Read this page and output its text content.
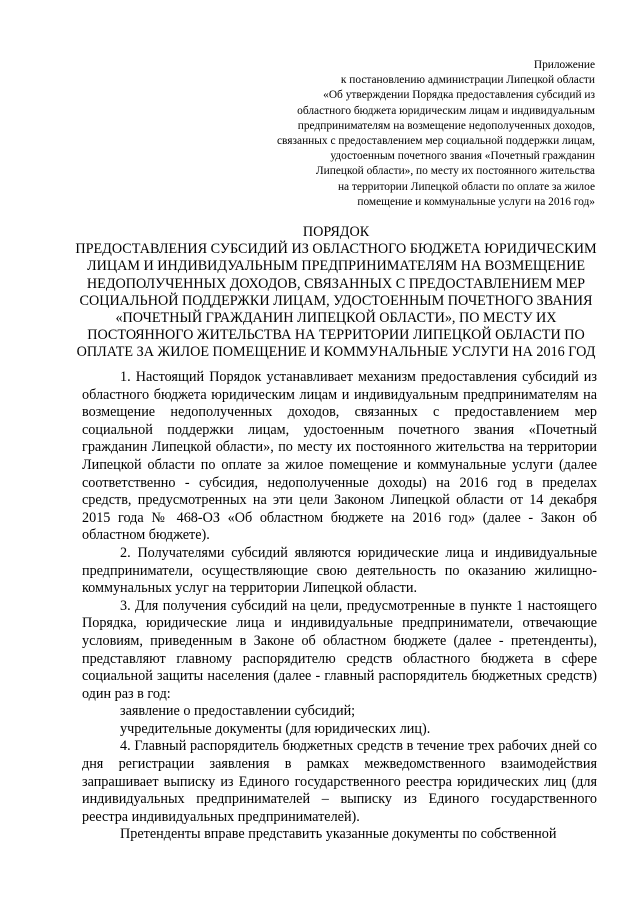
Приложение
к постановлению администрации Липецкой области
«Об утверждении Порядка предоставления субсидий из
областного бюджета юридическим лицам и индивидуальным
предпринимателям на возмещение недополученных доходов,
связанных с предоставлением мер социальной поддержки лицам,
удостоенным почетного звания «Почетный гражданин
Липецкой области», по месту их постоянного жительства
на территории Липецкой области по оплате за жилое
помещение и коммунальные услуги на 2016 год»
ПОРЯДОК
ПРЕДОСТАВЛЕНИЯ СУБСИДИЙ ИЗ ОБЛАСТНОГО БЮДЖЕТА ЮРИДИЧЕСКИМ
ЛИЦАМ И ИНДИВИДУАЛЬНЫМ ПРЕДПРИНИМАТЕЛЯМ НА ВОЗМЕЩЕНИЕ
НЕДОПОЛУЧЕННЫХ ДОХОДОВ, СВЯЗАННЫХ С ПРЕДОСТАВЛЕНИЕМ МЕР
СОЦИАЛЬНОЙ ПОДДЕРЖКИ ЛИЦАМ, УДОСТОЕННЫМ ПОЧЕТНОГО ЗВАНИЯ
«ПОЧЕТНЫЙ ГРАЖДАНИН ЛИПЕЦКОЙ ОБЛАСТИ», ПО МЕСТУ ИХ
ПОСТОЯННОГО ЖИТЕЛЬСТВА НА ТЕРРИТОРИИ ЛИПЕЦКОЙ ОБЛАСТИ ПО
ОПЛАТЕ ЗА ЖИЛОЕ ПОМЕЩЕНИЕ И КОММУНАЛЬНЫЕ УСЛУГИ НА 2016 ГОД

1. Настоящий Порядок устанавливает механизм предоставления субсидий из областного бюджета юридическим лицам и индивидуальным предпринимателям на возмещение недополученных доходов, связанных с предоставлением мер социальной поддержки лицам, удостоенным почетного звания «Почетный гражданин Липецкой области», по месту их постоянного жительства на территории Липецкой области по оплате за жилое помещение и коммунальные услуги (далее соответственно - субсидия, недополученные доходы) на 2016 год в пределах средств, предусмотренных на эти цели Законом Липецкой области от 14 декабря 2015 года № 468-ОЗ «Об областном бюджете на 2016 год» (далее - Закон об областном бюджете).

2. Получателями субсидий являются юридические лица и индивидуальные предприниматели, осуществляющие свою деятельность по оказанию жилищно-коммунальных услуг на территории Липецкой области.

3. Для получения субсидий на цели, предусмотренные в пункте 1 настоящего Порядка, юридические лица и индивидуальные предприниматели, отвечающие условиям, приведенным в Законе об областном бюджете (далее - претенденты), представляют главному распорядителю средств областного бюджета в сфере социальной защиты населения (далее - главный распорядитель бюджетных средств) один раз в год:

заявление о предоставлении субсидий;

учредительные документы (для юридических лиц).

4. Главный распорядитель бюджетных средств в течение трех рабочих дней со дня регистрации заявления в рамках межведомственного взаимодействия запрашивает выписку из Единого государственного реестра юридических лиц (для индивидуальных предпринимателей – выписку из Единого государственного реестра индивидуальных предпринимателей).

Претенденты вправе представить указанные документы по собственной
